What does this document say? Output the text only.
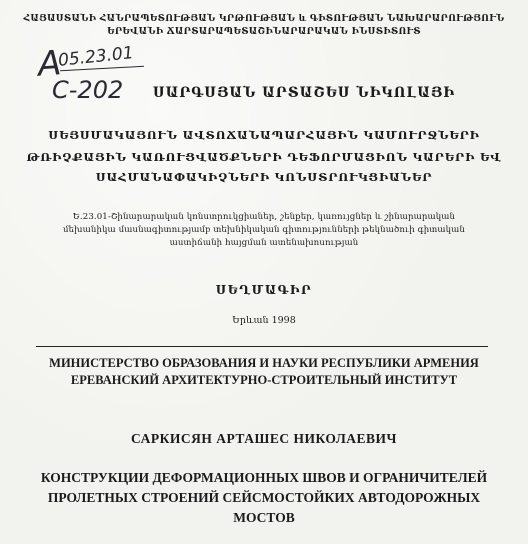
ՀԱՅԱՍՏԱՆԻ ՀԱՆՐԱՊԵՏՈՒԹՅԱՆ ԿՐԹՈՒԹՅԱՆ և ԳԻՏՈՒԹՅԱՆ ՆԱԽԱՐԱՐՈՒԹՅՈՒՆ
ԵՐԵՎԱՆԻ ՃԱՐՏԱՐԱՊԵՏԱՇԻՆԱՐԱՐԱԿԱՆ ԻՆՍՏԻՏՈՒՏ
A
05.23.01
C-202	ՍԱՐԳՍՅԱՆ ԱՐՏԱՇԵՍ ՆԻԿՈԼԱՅԻ
ՍԵՅՍՄԱԿԱՅՈՒՆ ԱՎՏՈՃԱՆԱՊԱՐՀԱՅԻՆ ԿԱՄՈՒՐՋՆԵՐԻ
ԹՌԻՉՔԱՅԻՆ ԿԱՌՈՒՑՎԱԾՔՆԵՐԻ ԴԵՖՈՐՄԱՑԻՈՆ ԿԱՐԵՐԻ ԵՎ
ՍԱՀՄԱՆԱՓԱԿԻՉՆԵՐԻ ԿՈՆՍՏՐՈՒԿՑԻԱՆԵՐ
Ե.23.01-Շինարարական կոնստրուկցիաներ, շենքեր, կառույցներ և շինարարական
մեխանիկա մասնագիտությամբ տեխնիկական գիտությունների թեկնածուի գիտական
աստիճանի հայցման ատենախոսության
ՍԵՂՄԱԳԻՐ
Երևան 1998
МИНИСТЕРСТВО ОБРАЗОВАНИЯ И НАУКИ РЕСПУБЛИКИ АРМЕНИЯ
ЕРЕВАНСКИЙ АРХИТЕКТУРНО-СТРОИТЕЛЬНЫЙ ИНСТИТУТ
САРКИСЯН АРТАШЕС НИКОЛАЕВИЧ
КОНСТРУКЦИИ ДЕФОРМАЦИОННЫХ ШВОВ И ОГРАНИЧИТЕЛЕЙ
ПРОЛЕТНЫХ СТРОЕНИЙ СЕЙСМОСТОЙКИХ АВТОДОРОЖНЫХ
МОСТОВ
